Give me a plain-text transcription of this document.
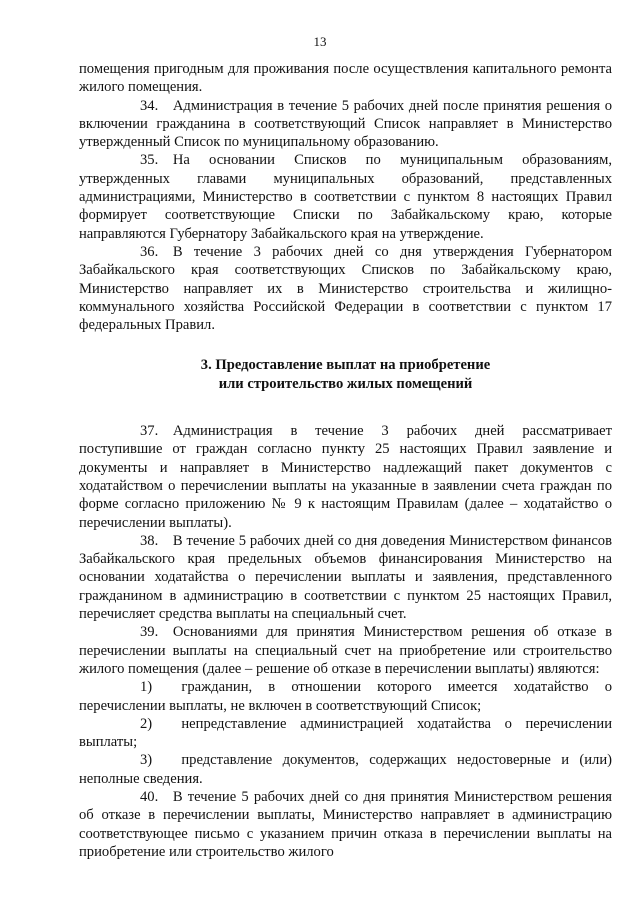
13

помещения пригодным для проживания после осуществления капитального ремонта жилого помещения.

34. Администрация в течение 5 рабочих дней после принятия решения о включении гражданина в соответствующий Список направляет в Министерство утвержденный Список по муниципальному образованию.

35. На основании Списков по муниципальным образованиям, утвержденных главами муниципальных образований, представленных администрациями, Министерство в соответствии с пунктом 8 настоящих Правил формирует соответствующие Списки по Забайкальскому краю, которые направляются Губернатору Забайкальского края на утверждение.

36. В течение 3 рабочих дней со дня утверждения Губернатором Забайкальского края соответствующих Списков по Забайкальскому краю, Министерство направляет их в Министерство строительства и жилищно-коммунального хозяйства Российской Федерации в соответствии с пунктом 17 федеральных Правил.

3. Предоставление выплат на приобретение
или строительство жилых помещений

37. Администрация в течение 3 рабочих дней рассматривает поступившие от граждан согласно пункту 25 настоящих Правил заявление и документы и направляет в Министерство надлежащий пакет документов с ходатайством о перечислении выплаты на указанные в заявлении счета граждан по форме согласно приложению № 9 к настоящим Правилам (далее – ходатайство о перечислении выплаты).

38. В течение 5 рабочих дней со дня доведения Министерством финансов Забайкальского края предельных объемов финансирования Министерство на основании ходатайства о перечислении выплаты и заявления, представленного гражданином в администрацию в соответствии с пунктом 25 настоящих Правил, перечисляет средства выплаты на специальный счет.

39. Основаниями для принятия Министерством решения об отказе в перечислении выплаты на специальный счет на приобретение или строительство жилого помещения (далее – решение об отказе в перечислении выплаты) являются:

1)  гражданин, в отношении которого имеется ходатайство о перечислении выплаты, не включен в соответствующий Список;

2)  непредставление администрацией ходатайства о перечислении выплаты;

3)  представление документов, содержащих недостоверные и (или) неполные сведения.

40. В течение 5 рабочих дней со дня принятия Министерством решения об отказе в перечислении выплаты, Министерство направляет в администрацию соответствующее письмо с указанием причин отказа в перечислении выплаты на приобретение или строительство жилого
